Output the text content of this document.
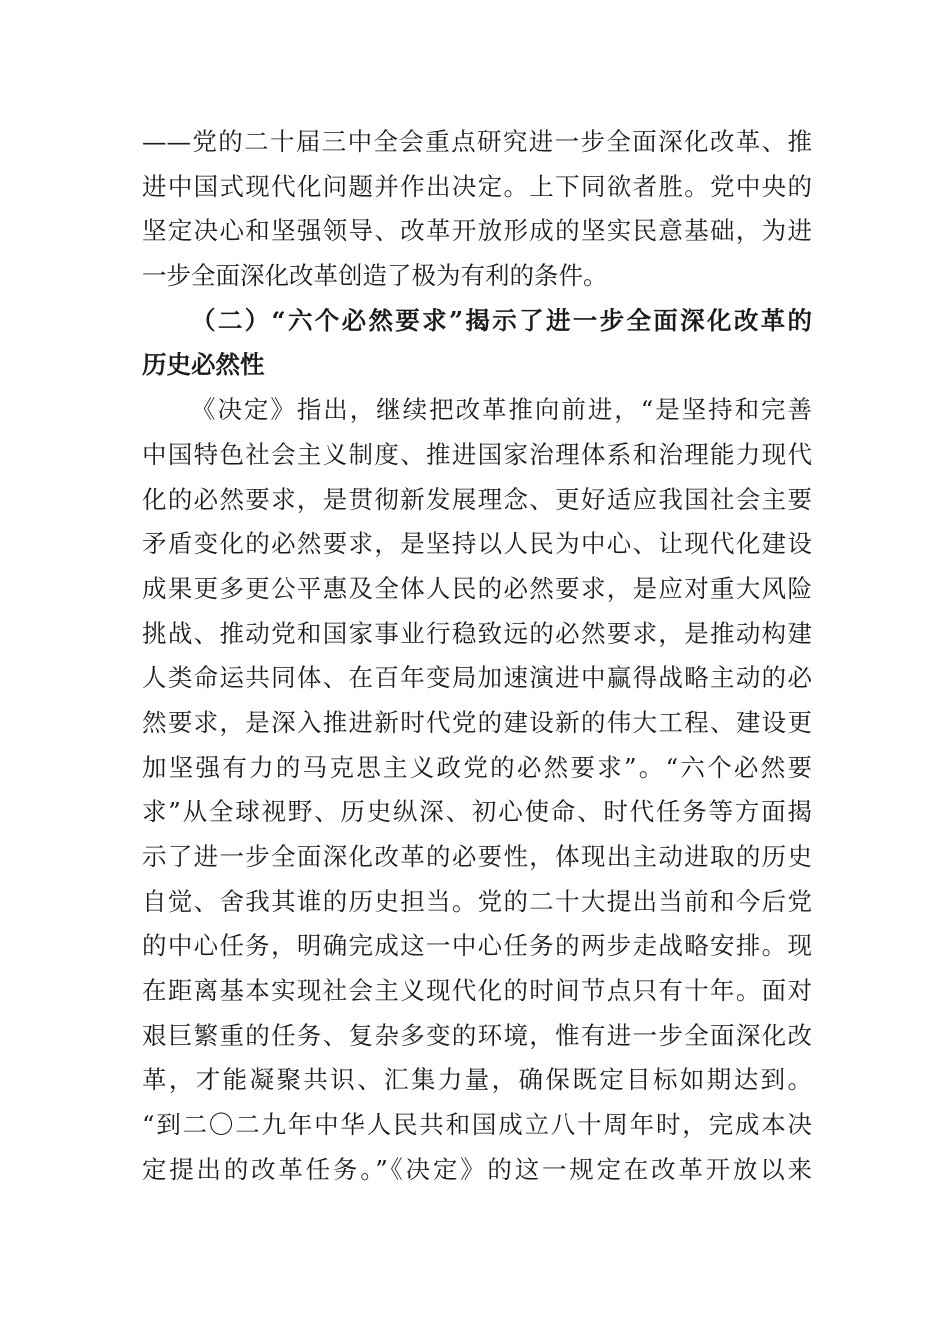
——党的二十届三中全会重点研究进一步全面深化改革、推
进中国式现代化问题并作出决定。上下同欲者胜。党中央的
坚定决心和坚强领导、改革开放形成的坚实民意基础，为进
一步全面深化改革创造了极为有利的条件。
（二）“六个必然要求”揭示了进一步全面深化改革的
历史必然性
《决定》指出，继续把改革推向前进，“是坚持和完善
中国特色社会主义制度、推进国家治理体系和治理能力现代
化的必然要求，是贯彻新发展理念、更好适应我国社会主要
矛盾变化的必然要求，是坚持以人民为中心、让现代化建设
成果更多更公平惠及全体人民的必然要求，是应对重大风险
挑战、推动党和国家事业行稳致远的必然要求，是推动构建
人类命运共同体、在百年变局加速演进中赢得战略主动的必
然要求，是深入推进新时代党的建设新的伟大工程、建设更
加坚强有力的马克思主义政党的必然要求”。“六个必然要
求”从全球视野、历史纵深、初心使命、时代任务等方面揭
示了进一步全面深化改革的必要性，体现出主动进取的历史
自觉、舍我其谁的历史担当。党的二十大提出当前和今后党
的中心任务，明确完成这一中心任务的两步走战略安排。现
在距离基本实现社会主义现代化的时间节点只有十年。面对
艰巨繁重的任务、复杂多变的环境，惟有进一步全面深化改
革，才能凝聚共识、汇集力量，确保既定目标如期达到。
“到二〇二九年中华人民共和国成立八十周年时，完成本决
定提出的改革任务。”《决定》的这一规定在改革开放以来
